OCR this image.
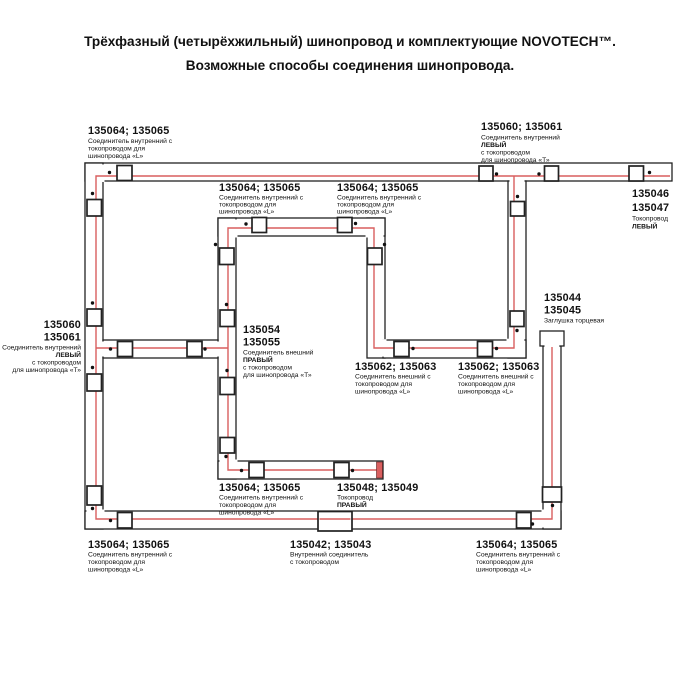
Трёхфазный (четырёхжильный) шинопровод и комплектующие NOVOTECH™.
Возможные способы соединения шинопровода.
135064; 135065
Соединитель внутренний с
токопроводом для
шинопровода «L»
135060; 135061
Соединитель внутренний
ЛЕВЫЙ
с токопроводом
для шинопровода «Т»
135064; 135065
Соединитель внутренний с
токопроводом для
шинопровода «L»
135064; 135065
Соединитель внутренний с
токопроводом для
шинопровода «L»
135046
135047
Токопровод
ЛЕВЫЙ
135044
135045
Заглушка торцевая
135060
135061
Соединитель внутренний
ЛЕВЫЙ
с токопроводом
для шинопровода «Т»
135054
135055
Соединитель внешний
ПРАВЫЙ
с токопроводом
для шинопровода «Т»
135062; 135063
Соединитель внешний с
токопроводом для
шинопровода «L»
135062; 135063
Соединитель внешний с
токопроводом для
шинопровода «L»
135064; 135065
Соединитель внутренний с
токопроводом для
шинопровода «L»
135048; 135049
Токопровод
ПРАВЫЙ
135064; 135065
Соединитель внутренний с
токопроводом для
шинопровода «L»
135042; 135043
Внутренний соединитель
с токопроводом
135064; 135065
Соединитель внутренний с
токопроводом для
шинопровода «L»
